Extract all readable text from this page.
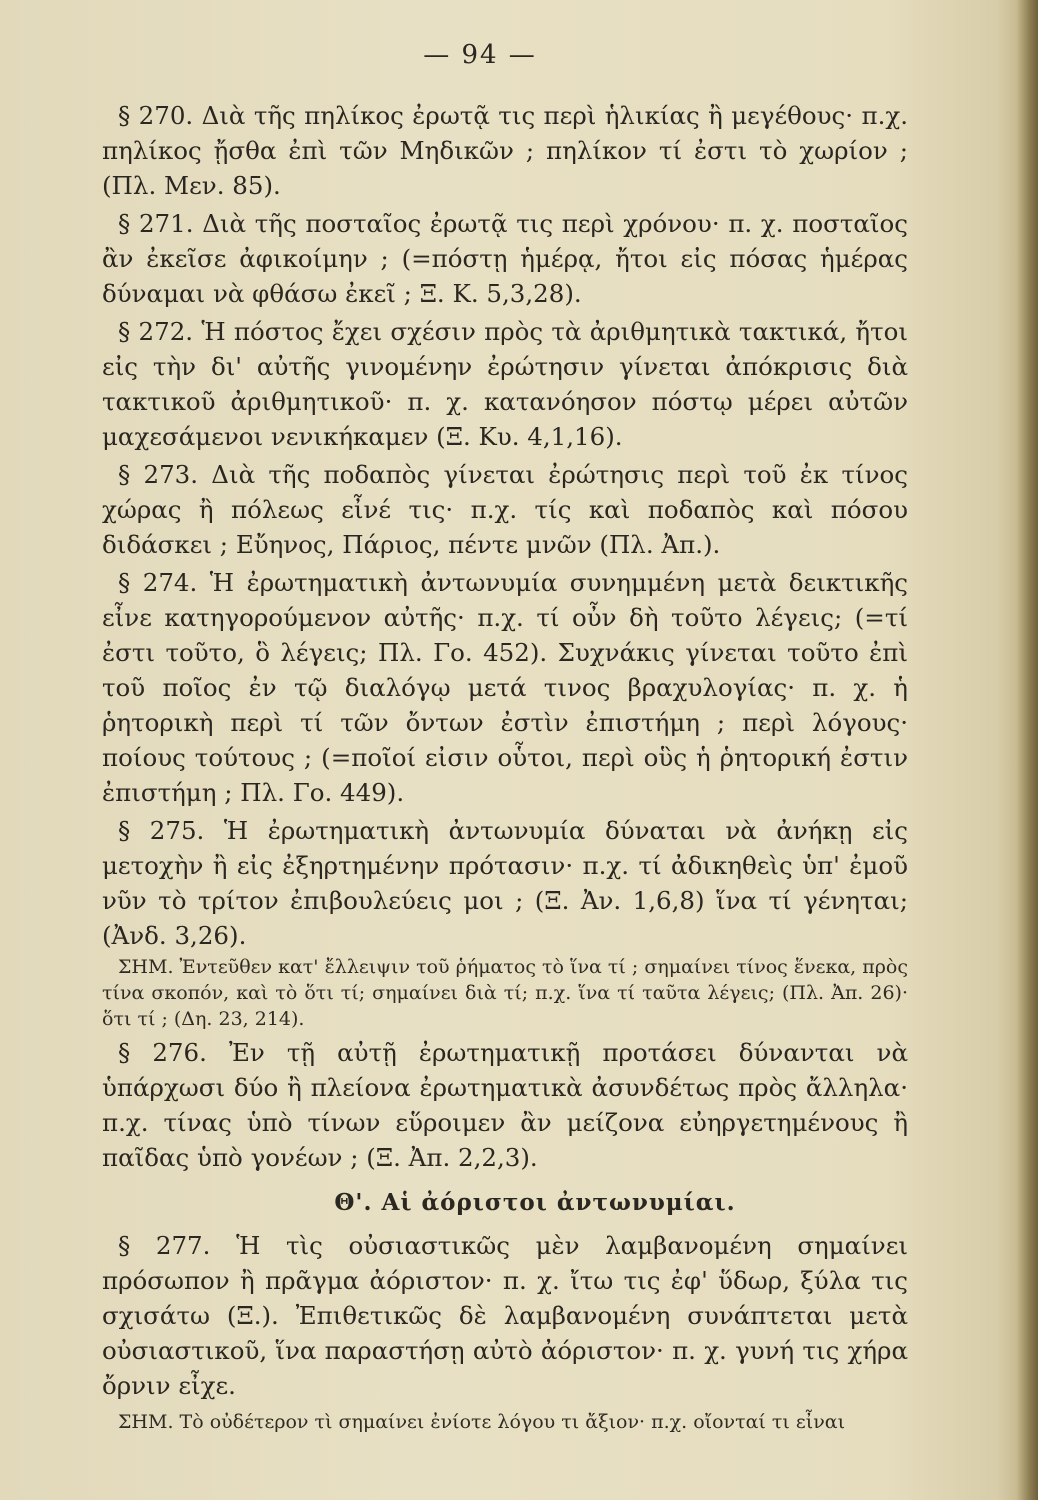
— 94 —

§ 270. Διὰ τῆς πηλίκος ἐρωτᾷ τις περὶ ἡλικίας ἢ μεγέθους· π.χ. πηλίκος ᾔσθα ἐπὶ τῶν Μηδικῶν ; πηλίκον τί ἐστι τὸ χωρίον ; (Πλ. Μεν. 85).

§ 271. Διὰ τῆς ποσταῖος ἐρωτᾷ τις περὶ χρόνου· π. χ. ποσταῖος ἂν ἐκεῖσε ἀφικοίμην ; (=πόστῃ ἡμέρᾳ, ἤτοι εἰς πόσας ἡμέρας δύναμαι νὰ φθάσω ἐκεῖ ; Ξ. Κ. 5,3,28).

§ 272. Ἡ πόστος ἔχει σχέσιν πρὸς τὰ ἀριθμητικὰ τακτικά, ἤτοι εἰς τὴν δι' αὐτῆς γινομένην ἐρώτησιν γίνεται ἀπόκρισις διὰ τακτικοῦ ἀριθμητικοῦ· π. χ. κατανόησον πόστῳ μέρει αὐτῶν μαχεσάμενοι νενικήκαμεν (Ξ. Κυ. 4,1,16).

§ 273. Διὰ τῆς ποδαπὸς γίνεται ἐρώτησις περὶ τοῦ ἐκ τίνος χώρας ἢ πόλεως εἶνέ τις· π.χ. τίς καὶ ποδαπὸς καὶ πόσου διδάσκει ; Εὔηνος, Πάριος, πέντε μνῶν (Πλ. Ἀπ.).

§ 274. Ἡ ἐρωτηματικὴ ἀντωνυμία συνημμένη μετὰ δεικτικῆς εἶνε κατηγορούμενον αὐτῆς· π.χ. τί οὖν δὴ τοῦτο λέγεις; (=τί ἐστι τοῦτο, ὃ λέγεις; Πλ. Γο. 452). Συχνάκις γίνεται τοῦτο ἐπὶ τοῦ ποῖος ἐν τῷ διαλόγῳ μετά τινος βραχυλογίας· π. χ. ἡ ῥητορικὴ περὶ τί τῶν ὄντων ἐστὶν ἐπιστήμη ; περὶ λόγους· ποίους τούτους ; (=ποῖοί εἰσιν οὗτοι, περὶ οὓς ἡ ῥητορική ἐστιν ἐπιστήμη ; Πλ. Γο. 449).

§ 275. Ἡ ἐρωτηματικὴ ἀντωνυμία δύναται νὰ ἀνήκῃ εἰς μετοχὴν ἢ εἰς ἐξηρτημένην πρότασιν· π.χ. τί ἀδικηθεὶς ὑπ' ἐμοῦ νῦν τὸ τρίτον ἐπιβουλεύεις μοι ; (Ξ. Ἀν. 1,6,8) ἵνα τί γένηται; (Ἀνδ. 3,26).

ΣΗΜ. Ἐντεῦθεν κατ' ἔλλειψιν τοῦ ῥήματος τὸ ἵνα τί ; σημαίνει τίνος ἕνεκα, πρὸς τίνα σκοπόν, καὶ τὸ ὅτι τί; σημαίνει διὰ τί; π.χ. ἵνα τί ταῦτα λέγεις; (Πλ. Ἀπ. 26)· ὅτι τί ; (Δη. 23, 214).

§ 276. Ἐν τῇ αὐτῇ ἐρωτηματικῇ προτάσει δύνανται νὰ ὑπάρχωσι δύο ἢ πλείονα ἐρωτηματικὰ ἀσυνδέτως πρὸς ἄλληλα· π.χ. τίνας ὑπὸ τίνων εὕροιμεν ἂν μείζονα εὐηργετημένους ἢ παῖδας ὑπὸ γονέων ; (Ξ. Ἀπ. 2,2,3).

Θ'. Αἱ ἀόριστοι ἀντωνυμίαι.

§ 277. Ἡ τὶς οὐσιαστικῶς μὲν λαμβανομένη σημαίνει πρόσωπον ἢ πρᾶγμα ἀόριστον· π. χ. ἴτω τις ἐφ' ὕδωρ, ξύλα τις σχισάτω (Ξ.). Ἐπιθετικῶς δὲ λαμβανομένη συνάπτεται μετὰ οὐσιαστικοῦ, ἵνα παραστήσῃ αὐτὸ ἀόριστον· π. χ. γυνή τις χήρα ὄρνιν εἶχε.

ΣΗΜ. Τὸ οὐδέτερον τὶ σημαίνει ἐνίοτε λόγου τι ἄξιον· π.χ. οἴονταί τι εἶναι
